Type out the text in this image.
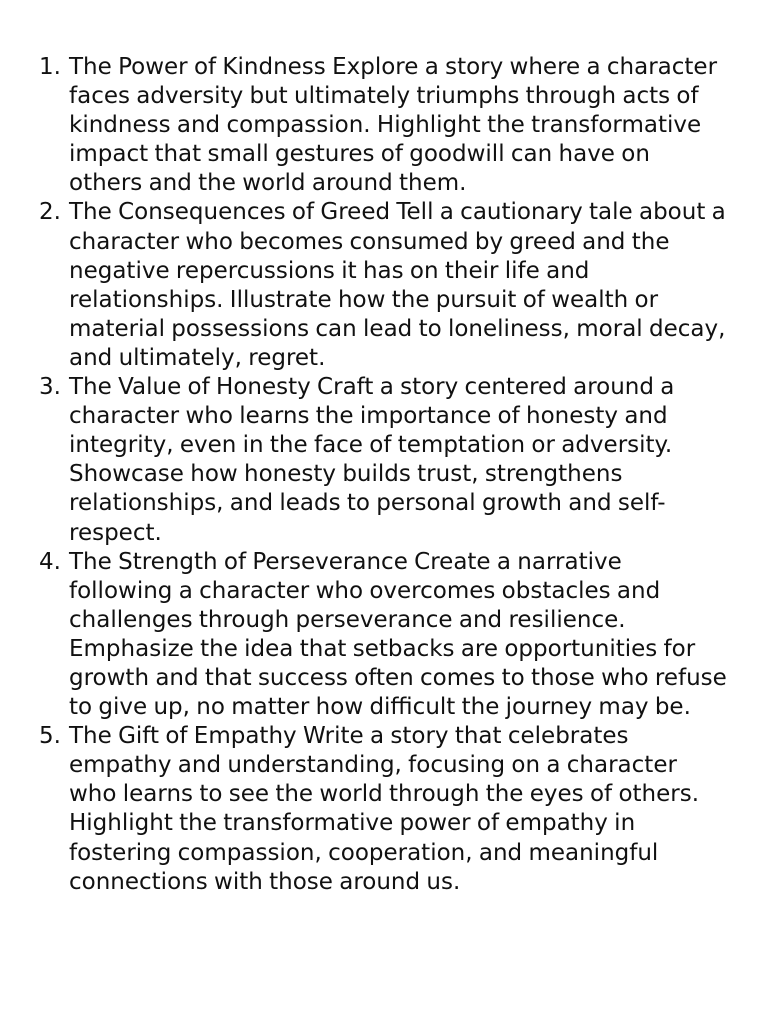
1. The Power of Kindness Explore a story where a character faces adversity but ultimately triumphs through acts of kindness and compassion. Highlight the transformative impact that small gestures of goodwill can have on others and the world around them.
2. The Consequences of Greed Tell a cautionary tale about a character who becomes consumed by greed and the negative repercussions it has on their life and relationships. Illustrate how the pursuit of wealth or material possessions can lead to loneliness, moral decay, and ultimately, regret.
3. The Value of Honesty Craft a story centered around a character who learns the importance of honesty and integrity, even in the face of temptation or adversity. Showcase how honesty builds trust, strengthens relationships, and leads to personal growth and self-respect.
4. The Strength of Perseverance Create a narrative following a character who overcomes obstacles and challenges through perseverance and resilience. Emphasize the idea that setbacks are opportunities for growth and that success often comes to those who refuse to give up, no matter how difficult the journey may be.
5. The Gift of Empathy Write a story that celebrates empathy and understanding, focusing on a character who learns to see the world through the eyes of others. Highlight the transformative power of empathy in fostering compassion, cooperation, and meaningful connections with those around us.
